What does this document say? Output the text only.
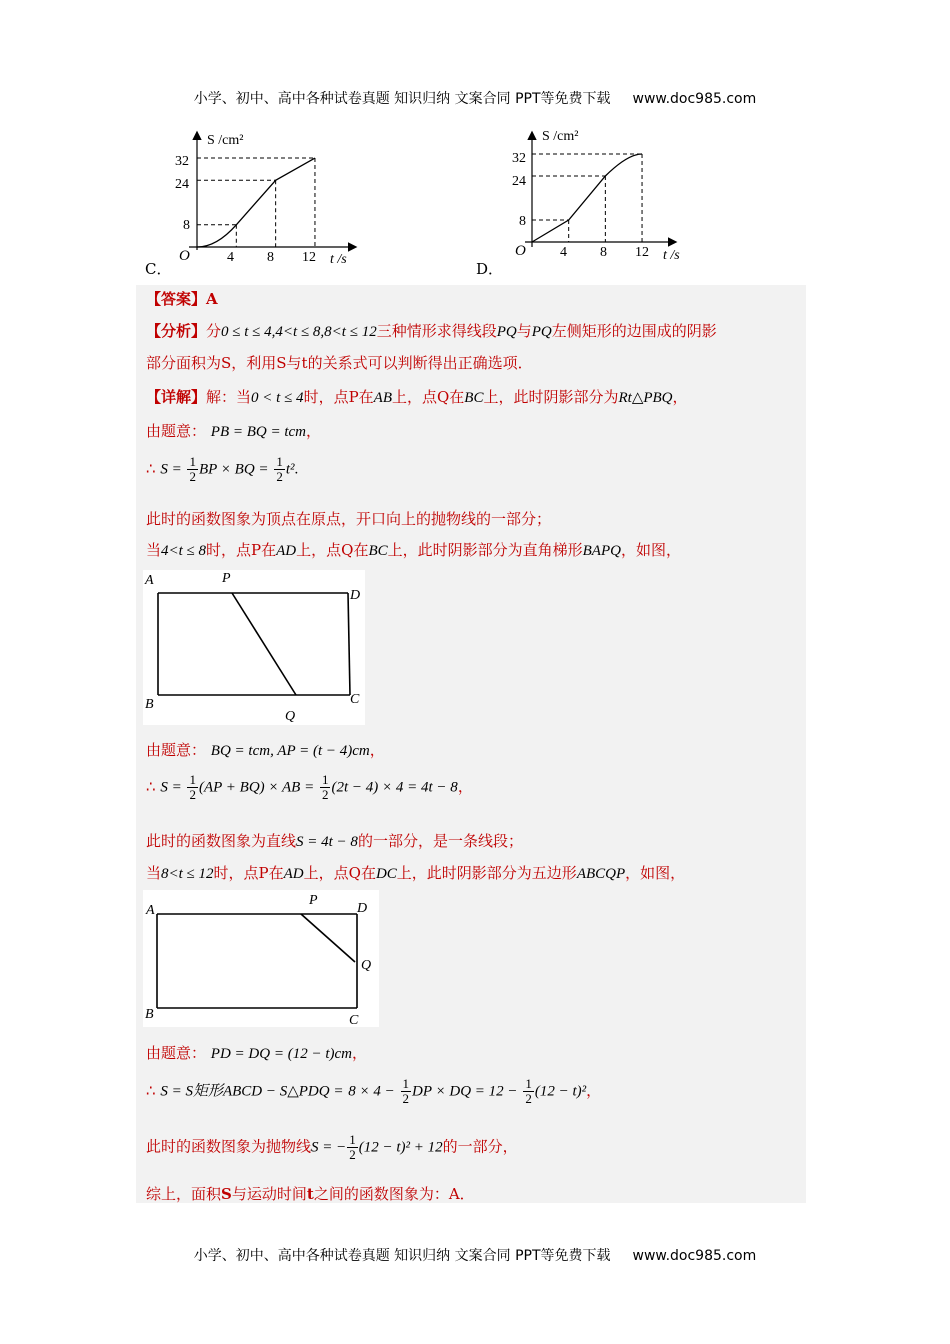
小学、初中、高中各种试卷真题 知识归纳 文案合同 PPT等免费下载 www.doc985.com
S /cm²
O
32
24
8
4 8 12 t /s
C．
S /cm²
O
32
24
8
4 8 12 t /s
D．
【答案】A
【分析】分0 ≤ t ≤ 4,4<t ≤ 8,8<t ≤ 12三种情形求得线段PQ与PQ左侧矩形的边围成的阴影
部分面积为S，利用S与t的关系式可以判断得出正确选项．
【详解】解：当0 < t ≤ 4时，点P在AB上，点Q在BC上，此时阴影部分为Rt△PBQ，
由题意： PB = BQ = tcm，
∴ $S = \frac{1}{2}$ BP × BQ = $\frac{1}{2} t^2$.
此时的函数图象为顶点在原点，开口向上的抛物线的一部分；
当4<t ≤ 8时，点P在AD上，点Q在BC上，此时阴影部分为直角梯形BAPQ，如图，
A	P
D
B
Q
C
由题意： BQ = tcm, AP = (t − 4)cm，
∴ $S = \frac{1}{2} (AP + BQ)$ × AB = $\frac{1}{2} (2t - 4) \times 4 = 4t - 8$，
此时的函数图象为直线S = 4t − 8的一部分，是一条线段；
当8<t ≤ 12时，点P在AD上，点Q在DC上，此时阴影部分为五边形ABCQP，如图，
A
P
D
Q
B	C
由题意： PD = DQ = (12 − t)cm，
∴ S = S矩形ABCD − S△PDQ = $8 \times 4 - \frac{1}{2}$ DP × DQ = $12 - \frac{1}{2} (12 - t)^2$，
此时的函数图象为抛物线S = − $\frac{1}{2} (12 - t)^2 + 12$的一部分，
综上，面积S与运动时间t之间的函数图象为：A．
小学、初中、高中各种试卷真题 知识归纳 文案合同 PPT等免费下载 www.doc985.com
